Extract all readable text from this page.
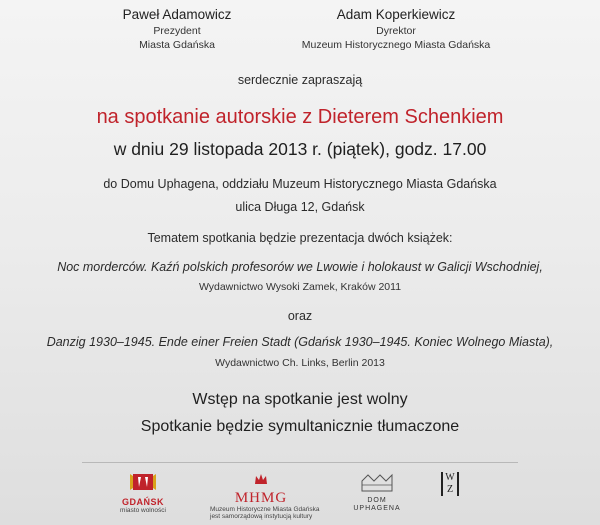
Paweł Adamowicz
Prezydent
Miasta Gdańska
Adam Koperkiewicz
Dyrektor
Muzeum Historycznego Miasta Gdańska
serdecznie zapraszają
na spotkanie autorskie z Dieterem Schenkiem
w dniu 29 listopada 2013 r. (piątek), godz. 17.00
do Domu Uphagena, oddziału Muzeum Historycznego Miasta Gdańska
ulica Długa 12, Gdańsk
Tematem spotkania będzie prezentacja dwóch książek:
Noc morderców. Kaźń polskich profesorów we Lwowie i holokaust w Galicji Wschodniej,
Wydawnictwo Wysoki Zamek, Kraków 2011
oraz
Danzig 1930–1945. Ende einer Freien Stadt (Gdańsk 1930–1945. Koniec Wolnego Miasta),
Wydawnictwo Ch. Links, Berlin 2013
Wstęp na spotkanie jest wolny
Spotkanie będzie symultanicznie tłumaczone
GDAŃSK
miasto wolności
MHMG
Muzeum Historyczne Miasta Gdańska
jest samorządową instytucją kultury
DOM
UPHAGENA
WZ
